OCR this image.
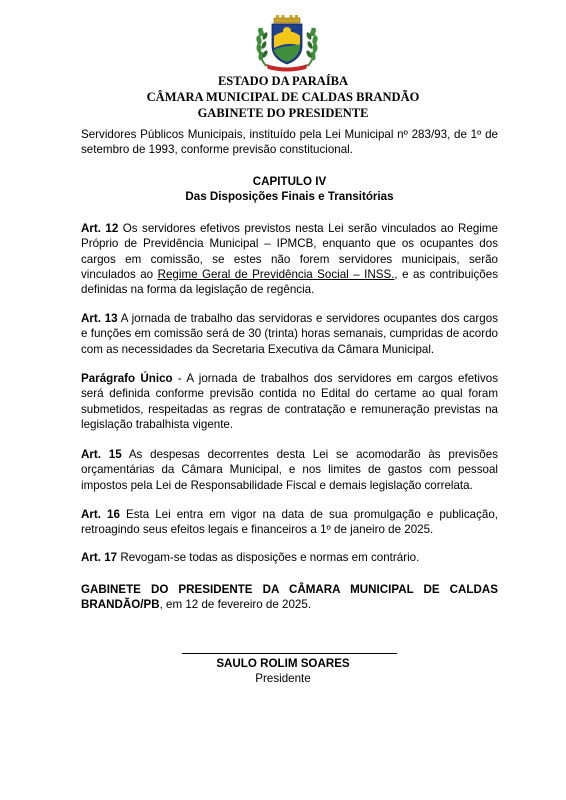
ESTADO DA PARAÍBA
CÂMARA MUNICIPAL DE CALDAS BRANDÃO
GABINETE DO PRESIDENTE

Servidores Públicos Municipais, instituído pela Lei Municipal nº 283/93, de 1º de setembro de 1993, conforme previsão constitucional.

CAPITULO IV
Das Disposições Finais e Transitórias

Art. 12 Os servidores efetivos previstos nesta Lei serão vinculados ao Regime Próprio de Previdência Municipal – IPMCB, enquanto que os ocupantes dos cargos em comissão, se estes não forem servidores municipais, serão vinculados ao Regime Geral de Previdência Social – INSS., e as contribuições definidas na forma da legislação de regência.

Art. 13 A jornada de trabalho das servidoras e servidores ocupantes dos cargos e funções em comissão será de 30 (trinta) horas semanais, cumpridas de acordo com as necessidades da Secretaria Executiva da Câmara Municipal.

Parágrafo Único - A jornada de trabalhos dos servidores em cargos efetivos será definida conforme previsão contida no Edital do certame ao qual foram submetidos, respeitadas as regras de contratação e remuneração previstas na legislação trabalhista vigente.

Art. 15 As despesas decorrentes desta Lei se acomodarão às previsões orçamentárias da Câmara Municipal, e nos limites de gastos com pessoal impostos pela Lei de Responsabilidade Fiscal e demais legislação correlata.

Art. 16 Esta Lei entra em vigor na data de sua promulgação e publicação, retroagindo seus efeitos legais e financeiros a 1º de janeiro de 2025.

Art. 17 Revogam-se todas as disposições e normas em contrário.

GABINETE DO PRESIDENTE DA CÂMARA MUNICIPAL DE CALDAS BRANDÃO/PB, em 12 de fevereiro de 2025.

SAULO ROLIM SOARES
Presidente
